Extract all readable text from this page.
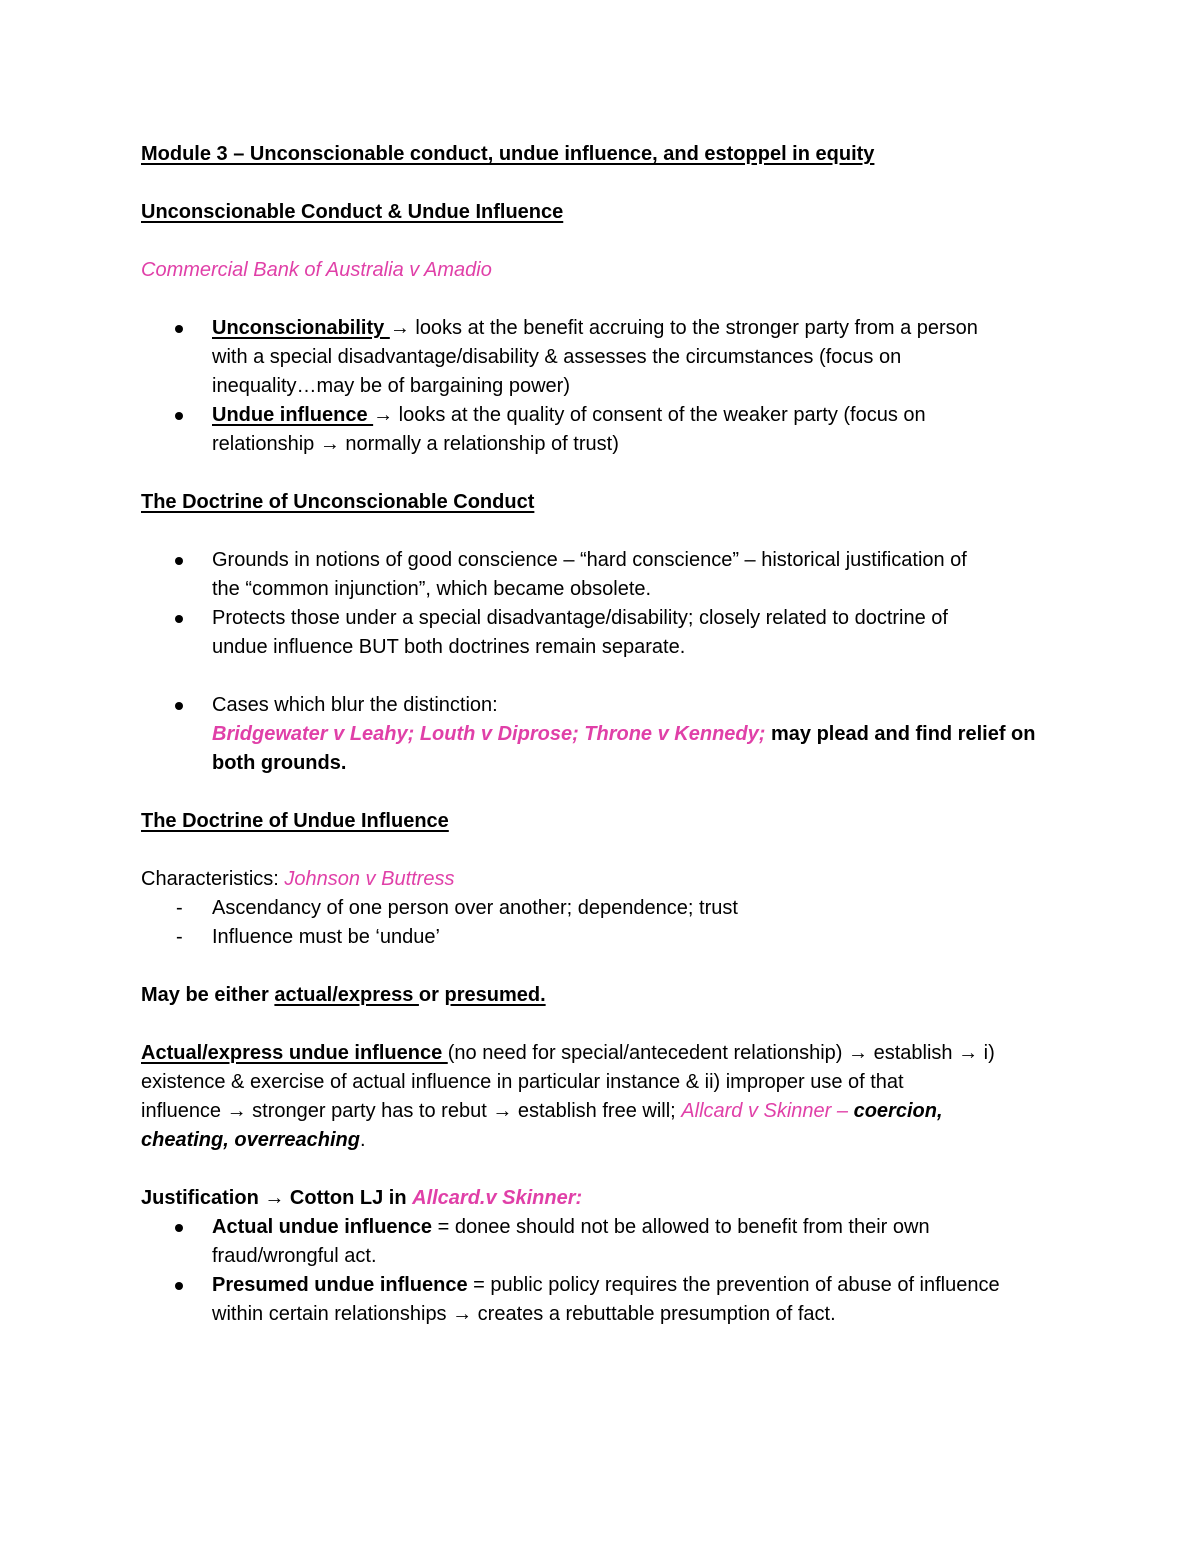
Module 3 – Unconscionable conduct, undue influence, and estoppel in equity

Unconscionable Conduct & Undue Influence

Commercial Bank of Australia v Amadio

Unconscionability → looks at the benefit accruing to the stronger party from a person

with a special disadvantage/disability & assesses the circumstances (focus on

inequality…may be of bargaining power)

Undue influence → looks at the quality of consent of the weaker party (focus on

relationship → normally a relationship of trust)

The Doctrine of Unconscionable Conduct

Grounds in notions of good conscience – “hard conscience” – historical justification of

the “common injunction”, which became obsolete.

Protects those under a special disadvantage/disability; closely related to doctrine of

undue influence BUT both doctrines remain separate.

Cases which blur the distinction:

Bridgewater v Leahy; Louth v Diprose; Throne v Kennedy; may plead and find relief on

both grounds.

The Doctrine of Undue Influence

Characteristics: Johnson v Buttress

- Ascendancy of one person over another; dependence; trust

- Influence must be ‘undue’

May be either actual/express or presumed.

Actual/express undue influence (no need for special/antecedent relationship) → establish → i)

existence & exercise of actual influence in particular instance & ii) improper use of that

influence → stronger party has to rebut → establish free will; Allcard v Skinner – coercion,

cheating, overreaching.

Justification → Cotton LJ in Allcard.v Skinner:

Actual undue influence = donee should not be allowed to benefit from their own

fraud/wrongful act.

Presumed undue influence = public policy requires the prevention of abuse of influence

within certain relationships → creates a rebuttable presumption of fact.
